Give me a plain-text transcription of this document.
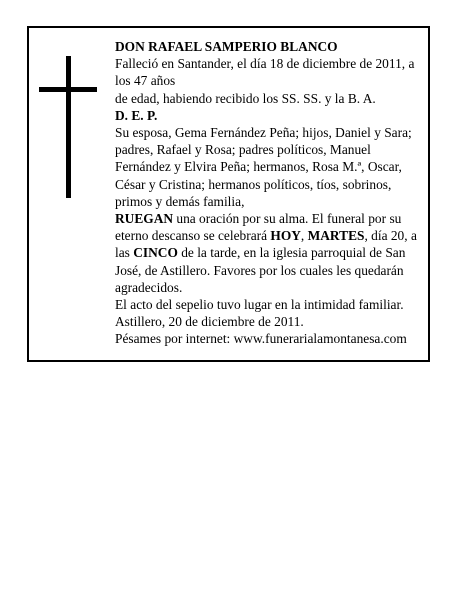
DON RAFAEL SAMPERIO BLANCO

Falleció en Santander, el día 18 de diciembre de 2011, a los 47 años

de edad, habiendo recibido los SS. SS. y la B. A.

D. E. P.

Su esposa, Gema Fernández Peña; hijos, Daniel y Sara; padres, Rafael y Rosa; padres políticos, Manuel Fernández y Elvira Peña; hermanos, Rosa M.ª, Oscar, César y Cristina; hermanos políticos, tíos, sobrinos, primos y demás familia,

RUEGAN una oración por su alma. El funeral por su eterno descanso se celebrará HOY, MARTES, día 20, a las CINCO de la tarde, en la iglesia parroquial de San José, de Astillero. Favores por los cuales les quedarán agradecidos.

El acto del sepelio tuvo lugar en la intimidad familiar.

Astillero, 20 de diciembre de 2011.

Pésames por internet: www.funerarialamontanesa.com
